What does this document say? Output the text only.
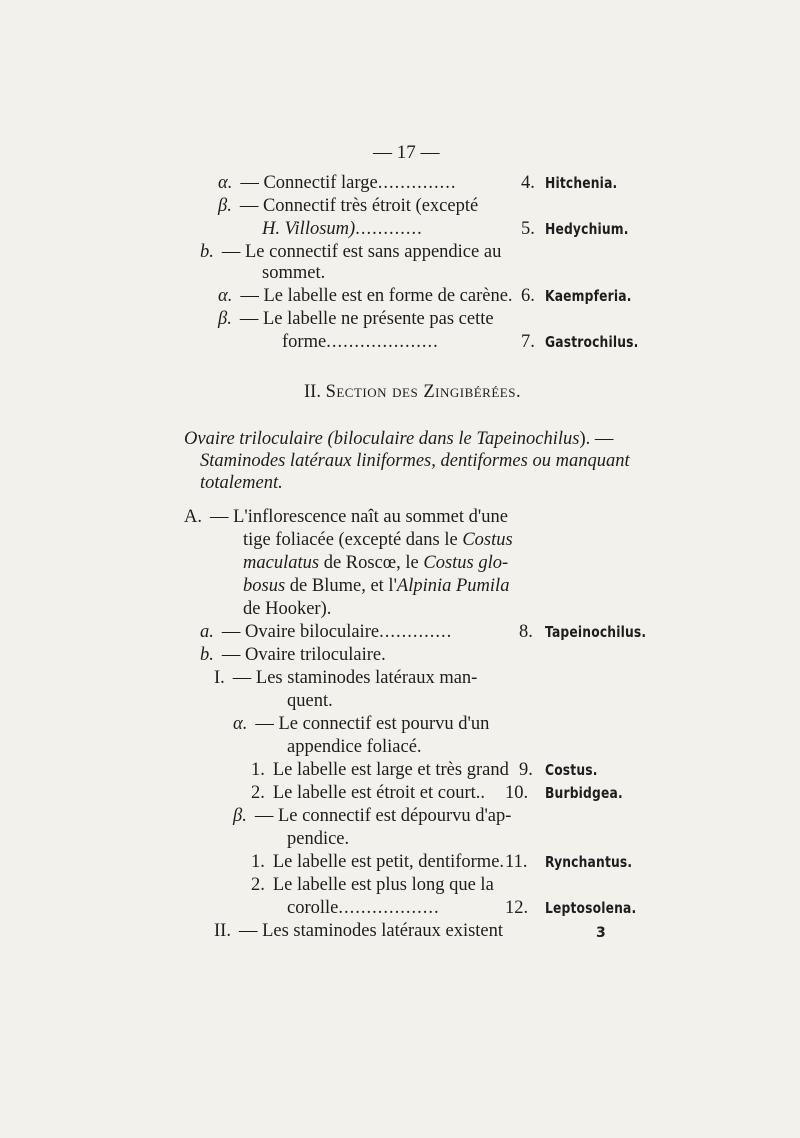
— 17 —
α. — Connectif large..............	4. Hitchenia.
β. — Connectif très étroit (excepté
H. Villosum)............	5. Hedychium.
b. — Le connectif est sans appendice au
sommet.
α. — Le labelle est en forme de carène. 6. Kaempferia.
β. — Le labelle ne présente pas cette
forme....................	7. Gastrochilus.
II. Section des Zingibérées.
Ovaire triloculaire (biloculaire dans le Tapeinochilus). —
Staminodes latéraux liniformes, dentiformes ou manquant
totalement.
A. — L'inflorescence naît au sommet d'une
tige foliacée (excepté dans le Costus
maculatus de Roscœ, le Costus glo-
bosus de Blume, et l'Alpinia Pumila
de Hooker).
a. — Ovaire biloculaire.............	8. Tapeinochilus.
b. — Ovaire triloculaire.
I. — Les staminodes latéraux man-
quent.
α. — Le connectif est pourvu d'un
appendice foliacé.
1. Le labelle est large et très grand 9. Costus.
2. Le labelle est étroit et court.. 10. Burbidgea.
β. — Le connectif est dépourvu d'ap-
pendice.
1. Le labelle est petit, dentiforme. 11. Rynchantus.
2. Le labelle est plus long que la
corolle..................	12. Leptosolena.
II. — Les staminodes latéraux existent	3
